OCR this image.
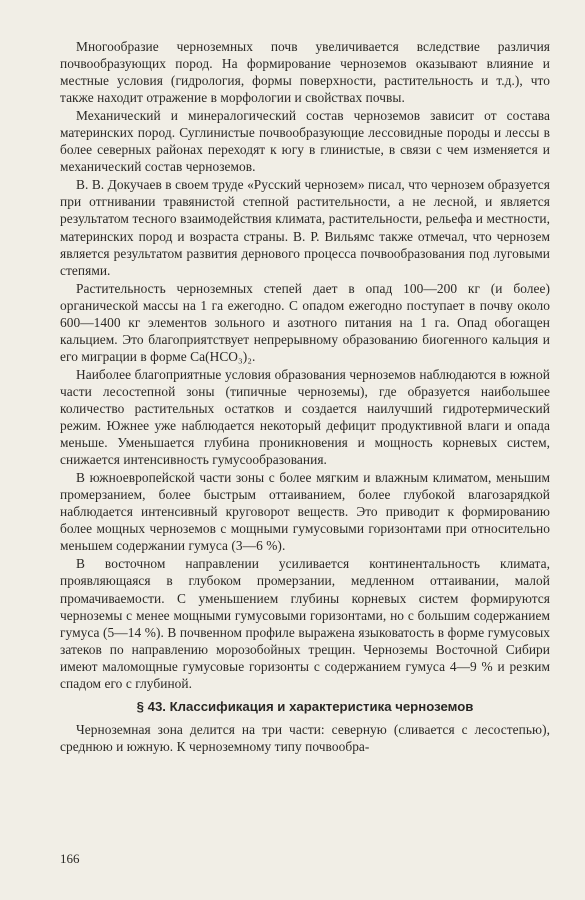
Многообразие черноземных почв увеличивается вследствие различия почвообразующих пород. На формирование черноземов оказывают влияние и местные условия (гидрология, формы поверхности, растительность и т.д.), что также находит отражение в морфологии и свойствах почвы.

Механический и минералогический состав черноземов зависит от состава материнских пород. Суглинистые почвообразующие лессовидные породы и лессы в более северных районах переходят к югу в глинистые, в связи с чем изменяется и механический состав черноземов.

В. В. Докучаев в своем труде «Русский чернозем» писал, что чернозем образуется при отгнивании травянистой степной растительности, а не лесной, и является результатом тесного взаимодействия климата, растительности, рельефа и местности, материнских пород и возраста страны. В. Р. Вильямс также отмечал, что чернозем является результатом развития дернового процесса почвообразования под луговыми степями.

Растительность черноземных степей дает в опад 100—200 кг (и более) органической массы на 1 га ежегодно. С опадом ежегодно поступает в почву около 600—1400 кг элементов зольного и азотного питания на 1 га. Опад обогащен кальцием. Это благоприятствует непрерывному образованию биогенного кальция и его миграции в форме Ca(HCO₃)₂.

Наиболее благоприятные условия образования черноземов наблюдаются в южной части лесостепной зоны (типичные черноземы), где образуется наибольшее количество растительных остатков и создается наилучший гидротермический режим. Южнее уже наблюдается некоторый дефицит продуктивной влаги и опада меньше. Уменьшается глубина проникновения и мощность корневых систем, снижается интенсивность гумусообразования.

В южноевропейской части зоны с более мягким и влажным климатом, меньшим промерзанием, более быстрым оттаиванием, более глубокой влагозарядкой наблюдается интенсивный круговорот веществ. Это приводит к формированию более мощных черноземов с мощными гумусовыми горизонтами при относительно меньшем содержании гумуса (3—6 %).

В восточном направлении усиливается континентальность климата, проявляющаяся в глубоком промерзании, медленном оттаивании, малой промачиваемости. С уменьшением глубины корневых систем формируются черноземы с менее мощными гумусовыми горизонтами, но с большим содержанием гумуса (5—14 %). В почвенном профиле выражена языковатость в форме гумусовых затеков по направлению морозобойных трещин. Черноземы Восточной Сибири имеют маломощные гумусовые горизонты с содержанием гумуса 4—9 % и резким спадом его с глубиной.

§ 43. Классификация и характеристика черноземов

Черноземная зона делится на три части: северную (сливается с лесостепью), среднюю и южную. К черноземному типу почвообра-

166
